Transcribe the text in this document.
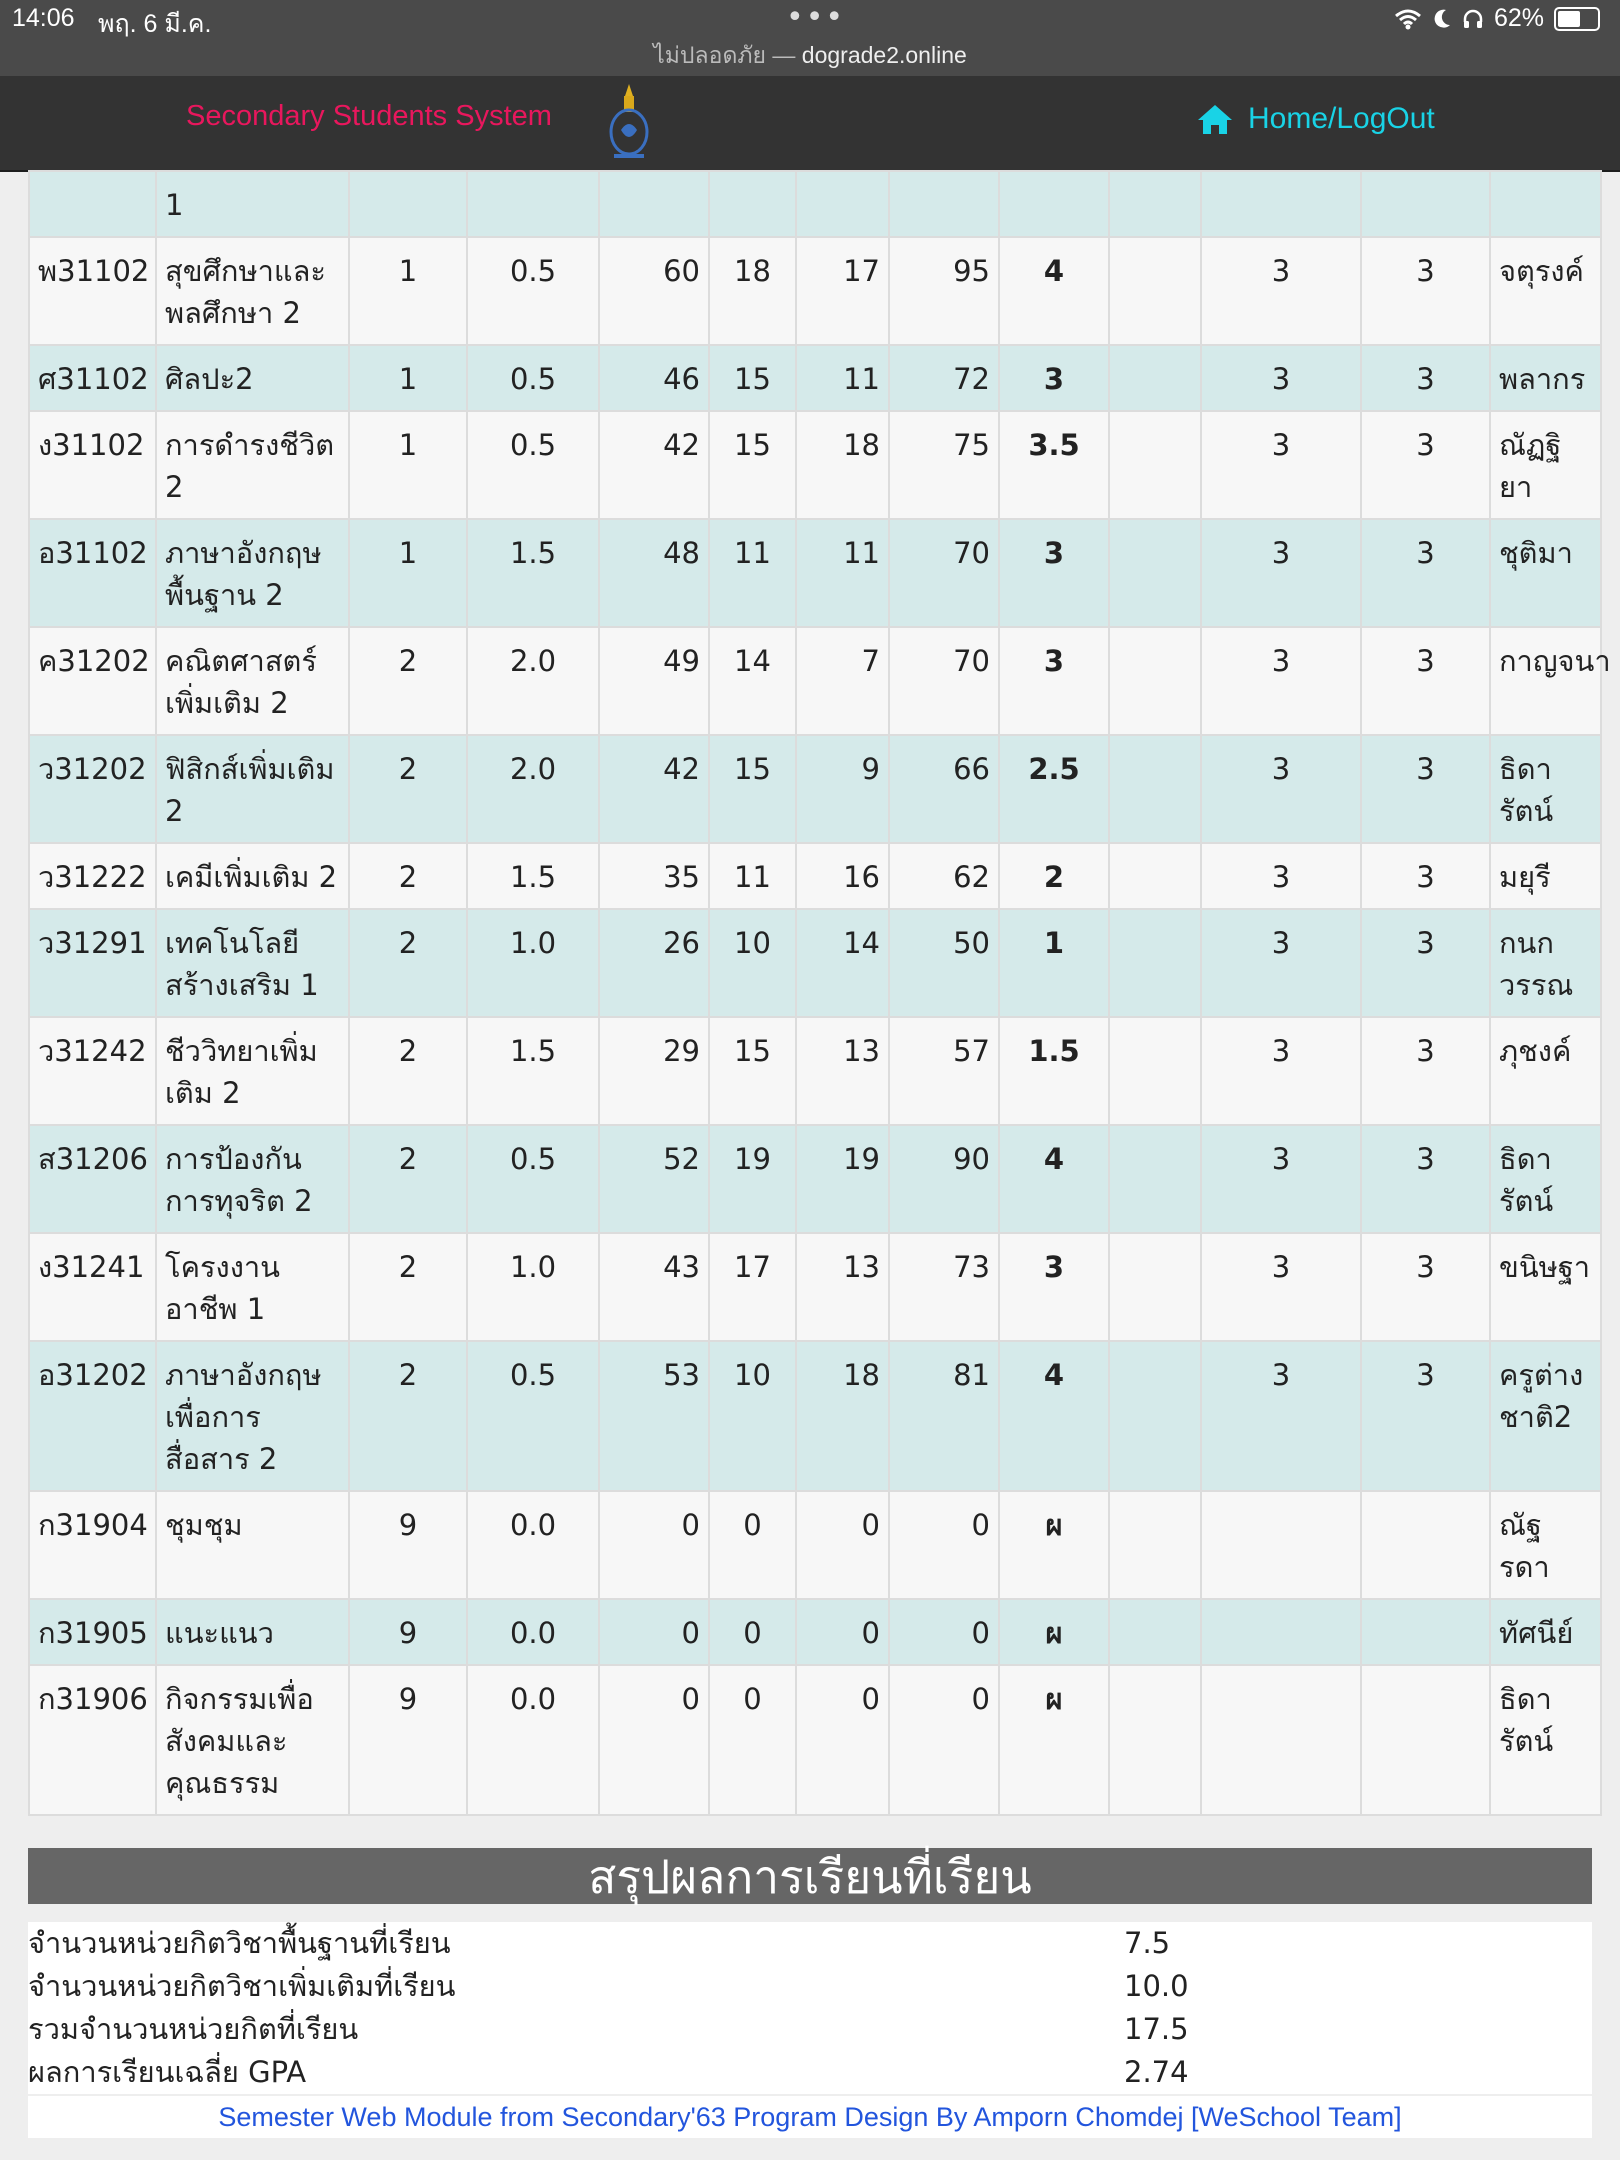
14:06 พฤ. 6 มี.ค.	•••
ไม่ปลอดภัย — dograde2.online
62%
Secondary Students System	Home/LogOut
	1											
พ31102	สุขศึกษาและพลศึกษา 2	1	0.5	60	18	17	95	4		3	3	จตุรงค์
ศ31102	ศิลปะ2	1	0.5	46	15	11	72	3		3	3	พลากร
ง31102	การดำรงชีวิต 2	1	0.5	42	15	18	75	3.5		3	3	ณัฏฐิยา
อ31102	ภาษาอังกฤษพื้นฐาน 2	1	1.5	48	11	11	70	3		3	3	ชุติมา
ค31202	คณิตศาสตร์เพิ่มเติม 2	2	2.0	49	14	7	70	3		3	3	กาญจนา
ว31202	ฟิสิกส์เพิ่มเติม 2	2	2.0	42	15	9	66	2.5		3	3	ธิดารัตน์
ว31222	เคมีเพิ่มเติม 2	2	1.5	35	11	16	62	2		3	3	มยุรี
ว31291	เทคโนโลยีสร้างเสริม 1	2	1.0	26	10	14	50	1		3	3	กนกวรรณ
ว31242	ชีววิทยาเพิ่มเติม 2	2	1.5	29	15	13	57	1.5		3	3	ภุชงค์
ส31206	การป้องกันการทุจริต 2	2	0.5	52	19	19	90	4		3	3	ธิดารัตน์
ง31241	โครงงานอาชีพ 1	2	1.0	43	17	13	73	3		3	3	ขนิษฐา
อ31202	ภาษาอังกฤษเพื่อการสื่อสาร 2	2	0.5	53	10	18	81	4		3	3	ครูต่างชาติ2
ก31904	ชุมชุม	9	0.0	0	0	0	0	ผ				ณัฐรดา
ก31905	แนะแนว	9	0.0	0	0	0	0	ผ				ทัศนีย์
ก31906	กิจกรรมเพื่อสังคมและคุณธรรม	9	0.0	0	0	0	0	ผ				ธิดารัตน์
สรุปผลการเรียนที่เรียน
จำนวนหน่วยกิตวิชาพื้นฐานที่เรียน	7.5
จำนวนหน่วยกิตวิชาเพิ่มเติมที่เรียน	10.0
รวมจำนวนหน่วยกิตที่เรียน	17.5
ผลการเรียนเฉลี่ย GPA	2.74
Semester Web Module from Secondary'63 Program Design By Amporn Chomdej [WeSchool Team]
